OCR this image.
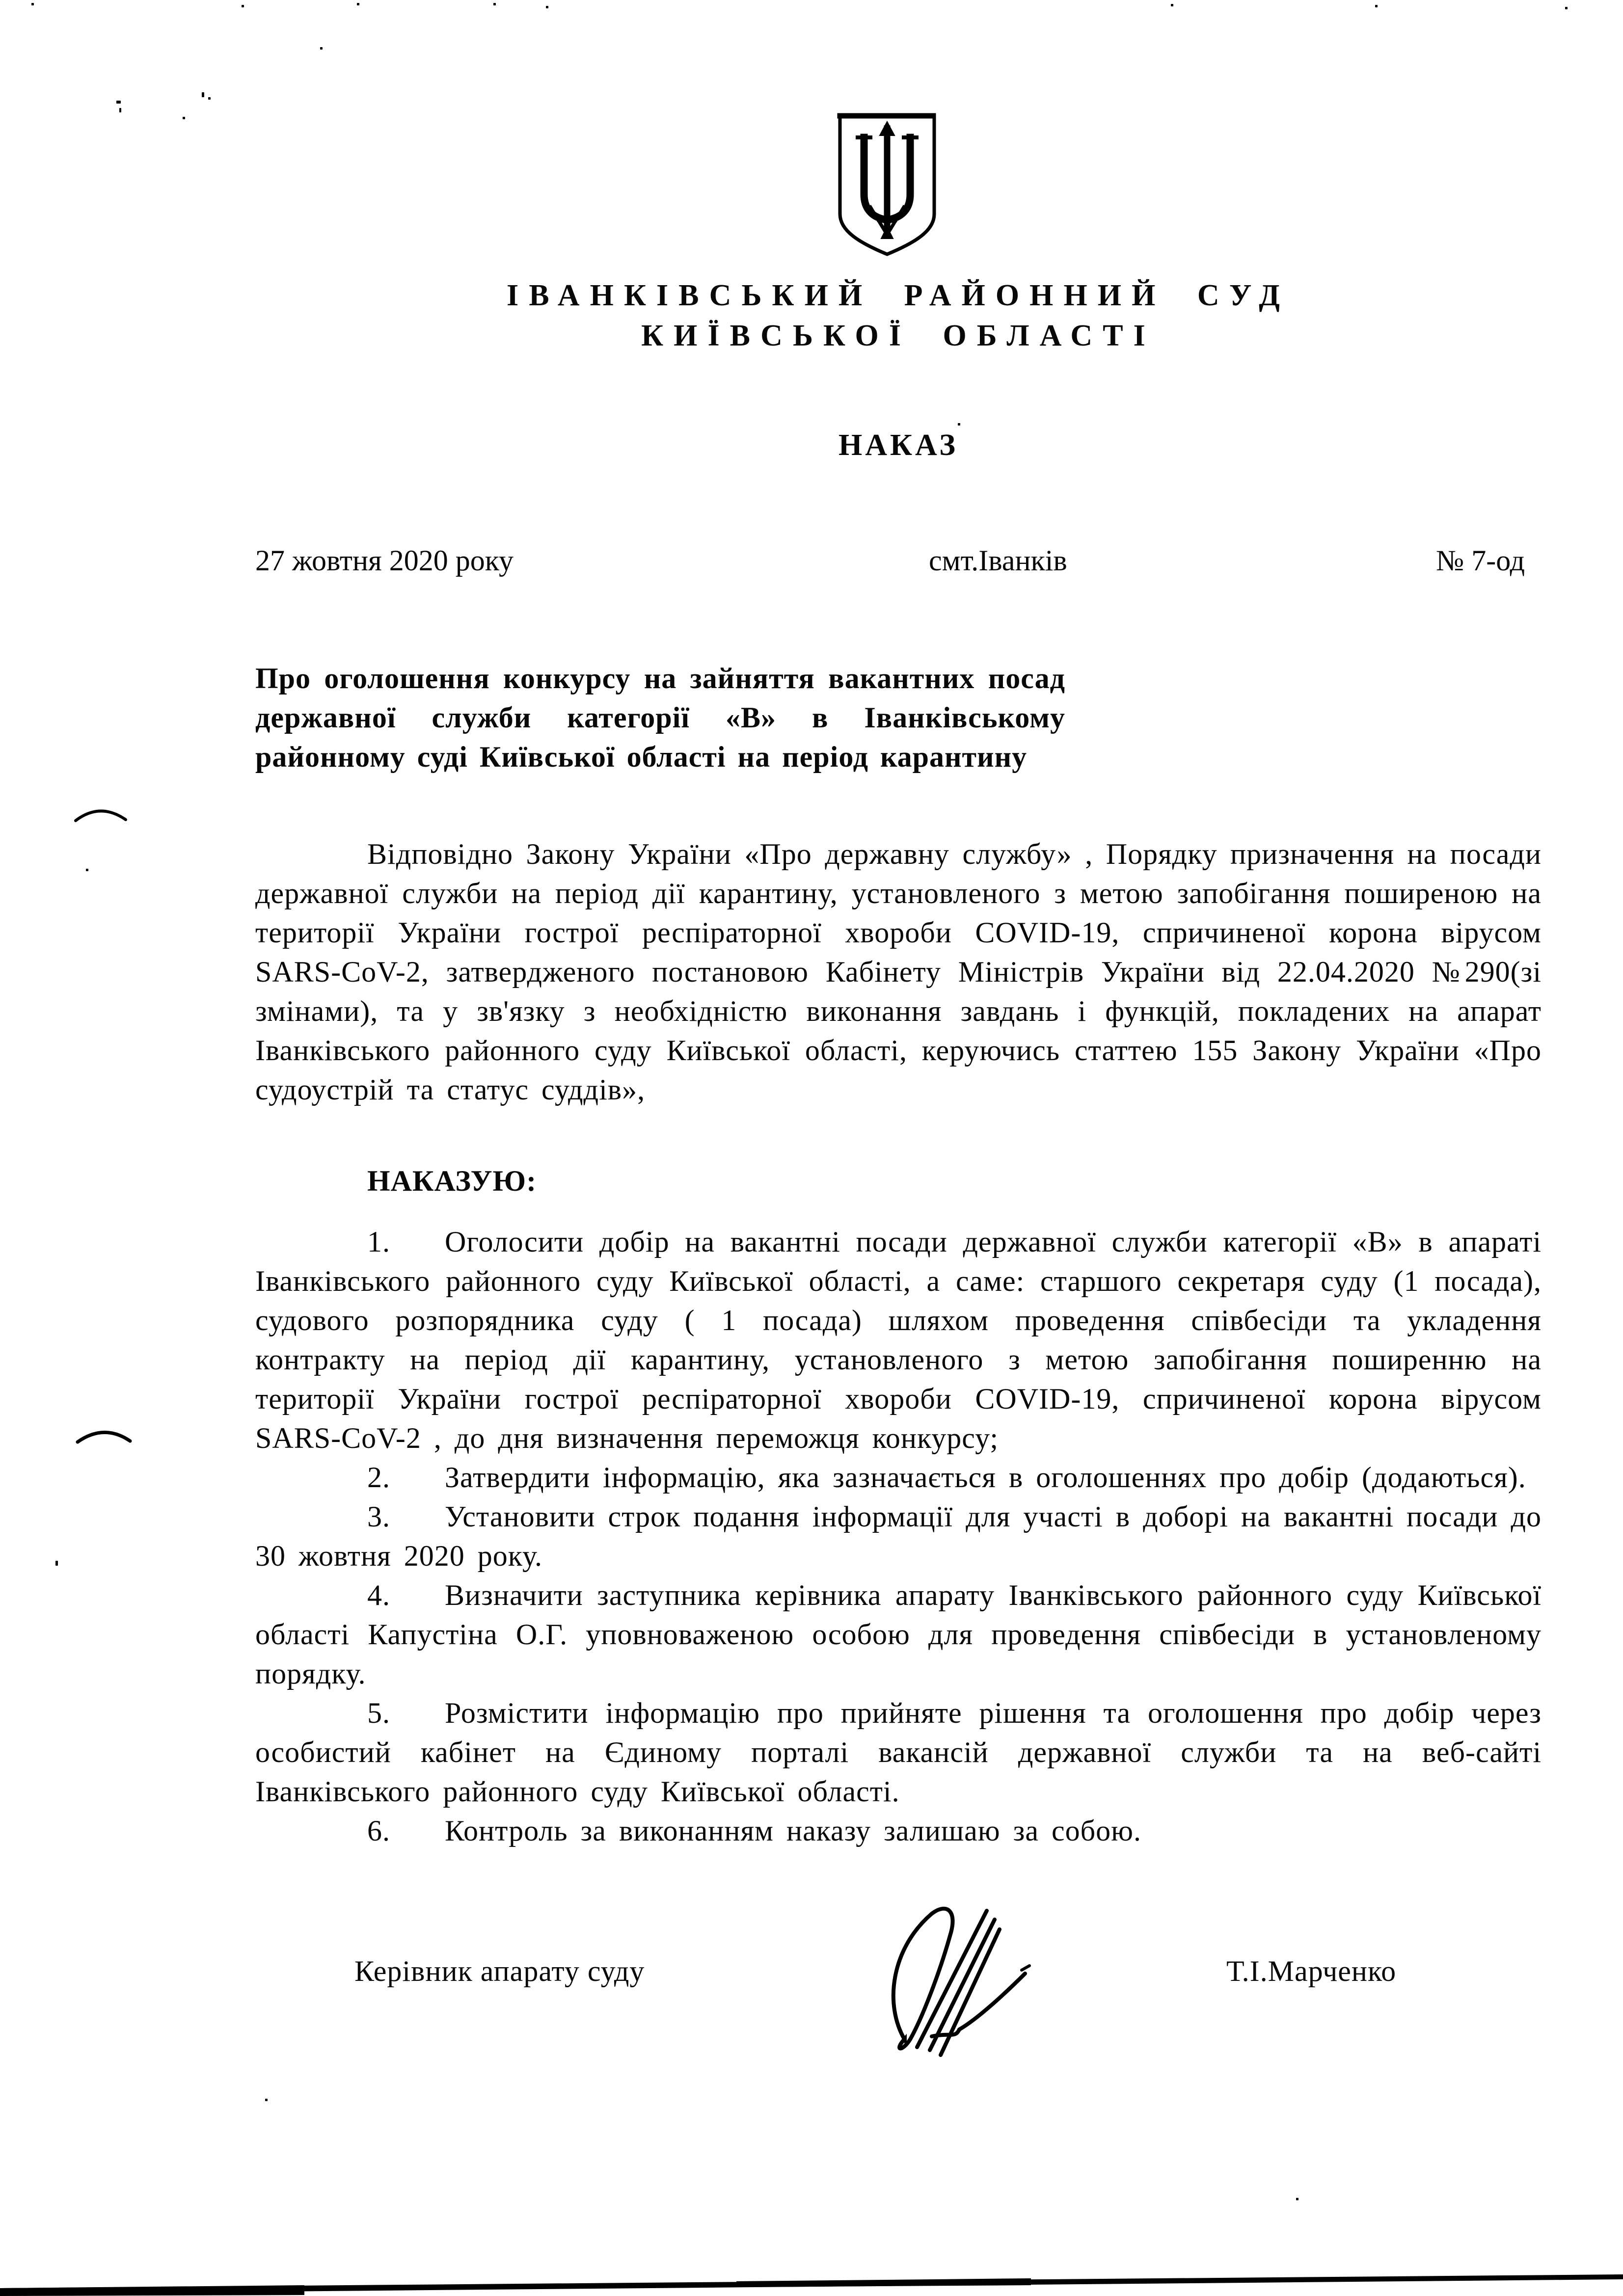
ІВАНКІВСЬКИЙ РАЙОННИЙ СУД
КИЇВСЬКОЇ ОБЛАСТІ
НАКАЗ
27 жовтня 2020 року	смт.Іванків	№ 7-од
Про оголошення конкурсу на зайняття вакантних посад державної служби категорії «В» в Іванківському районному суді Київської області на період карантину

Відповідно Закону України «Про державну службу» , Порядку призначення на посади державної служби на період дії карантину, установленого з метою запобігання поширеною на території України гострої респіраторної хвороби COVID-19, спричиненої корона вірусом SARS-CoV-2, затвердженого постановою Кабінету Міністрів України від 22.04.2020 №290(зі змінами), та у зв'язку з необхідністю виконання завдань і функцій, покладених на апарат Іванківського районного суду Київської області, керуючись статтею 155 Закону України «Про судоустрій та статус суддів»,

НАКАЗУЮ:

1. Оголосити добір на вакантні посади державної служби категорії «В» в апараті Іванківського районного суду Київської області, а саме: старшого секретаря суду (1 посада), судового розпорядника суду ( 1 посада) шляхом проведення співбесіди та укладення контракту на період дії карантину, установленого з метою запобігання поширенню на території України гострої респіраторної хвороби COVID-19, спричиненої корона вірусом SARS-CoV-2 , до дня визначення переможця конкурсу;

2. Затвердити інформацію, яка зазначається в оголошеннях про добір (додаються).

3. Установити строк подання інформації для участі в доборі на вакантні посади до 30 жовтня 2020 року.

4. Визначити заступника керівника апарату Іванківського районного суду Київської області Капустіна О.Г. уповноваженою особою для проведення співбесіди в установленому порядку.

5. Розмістити інформацію про прийняте рішення та оголошення про добір через особистий кабінет на Єдиному порталі вакансій державної служби та на веб-сайті Іванківського районного суду Київської області.

6. Контроль за виконанням наказу залишаю за собою.

Керівник апарату суду	Т.І.Марченко
